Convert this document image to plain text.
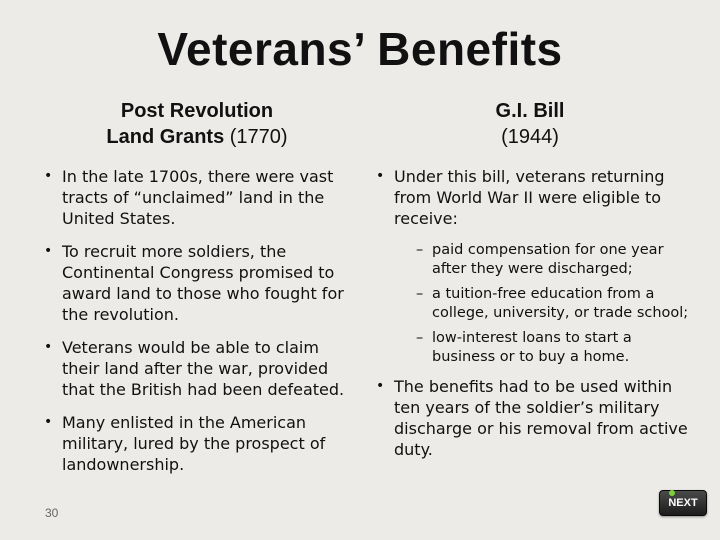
Veterans’ Benefits
Post Revolution
Land Grants (1770)
G.I. Bill
(1944)
• In the late 1700s, there were vast tracts of “unclaimed” land in the United States.
• To recruit more soldiers, the Continental Congress promised to award land to those who fought for the revolution.
• Veterans would be able to claim their land after the war, provided that the British had been defeated.
• Many enlisted in the American military, lured by the prospect of landownership.
• Under this bill, veterans returning from World War II were eligible to receive:
– paid compensation for one year after they were discharged;
– a tuition-free education from a college, university, or trade school;
– low-interest loans to start a business or to buy a home.
• The benefits had to be used within ten years of the soldier’s military discharge or his removal from active duty.
30
NEXT
